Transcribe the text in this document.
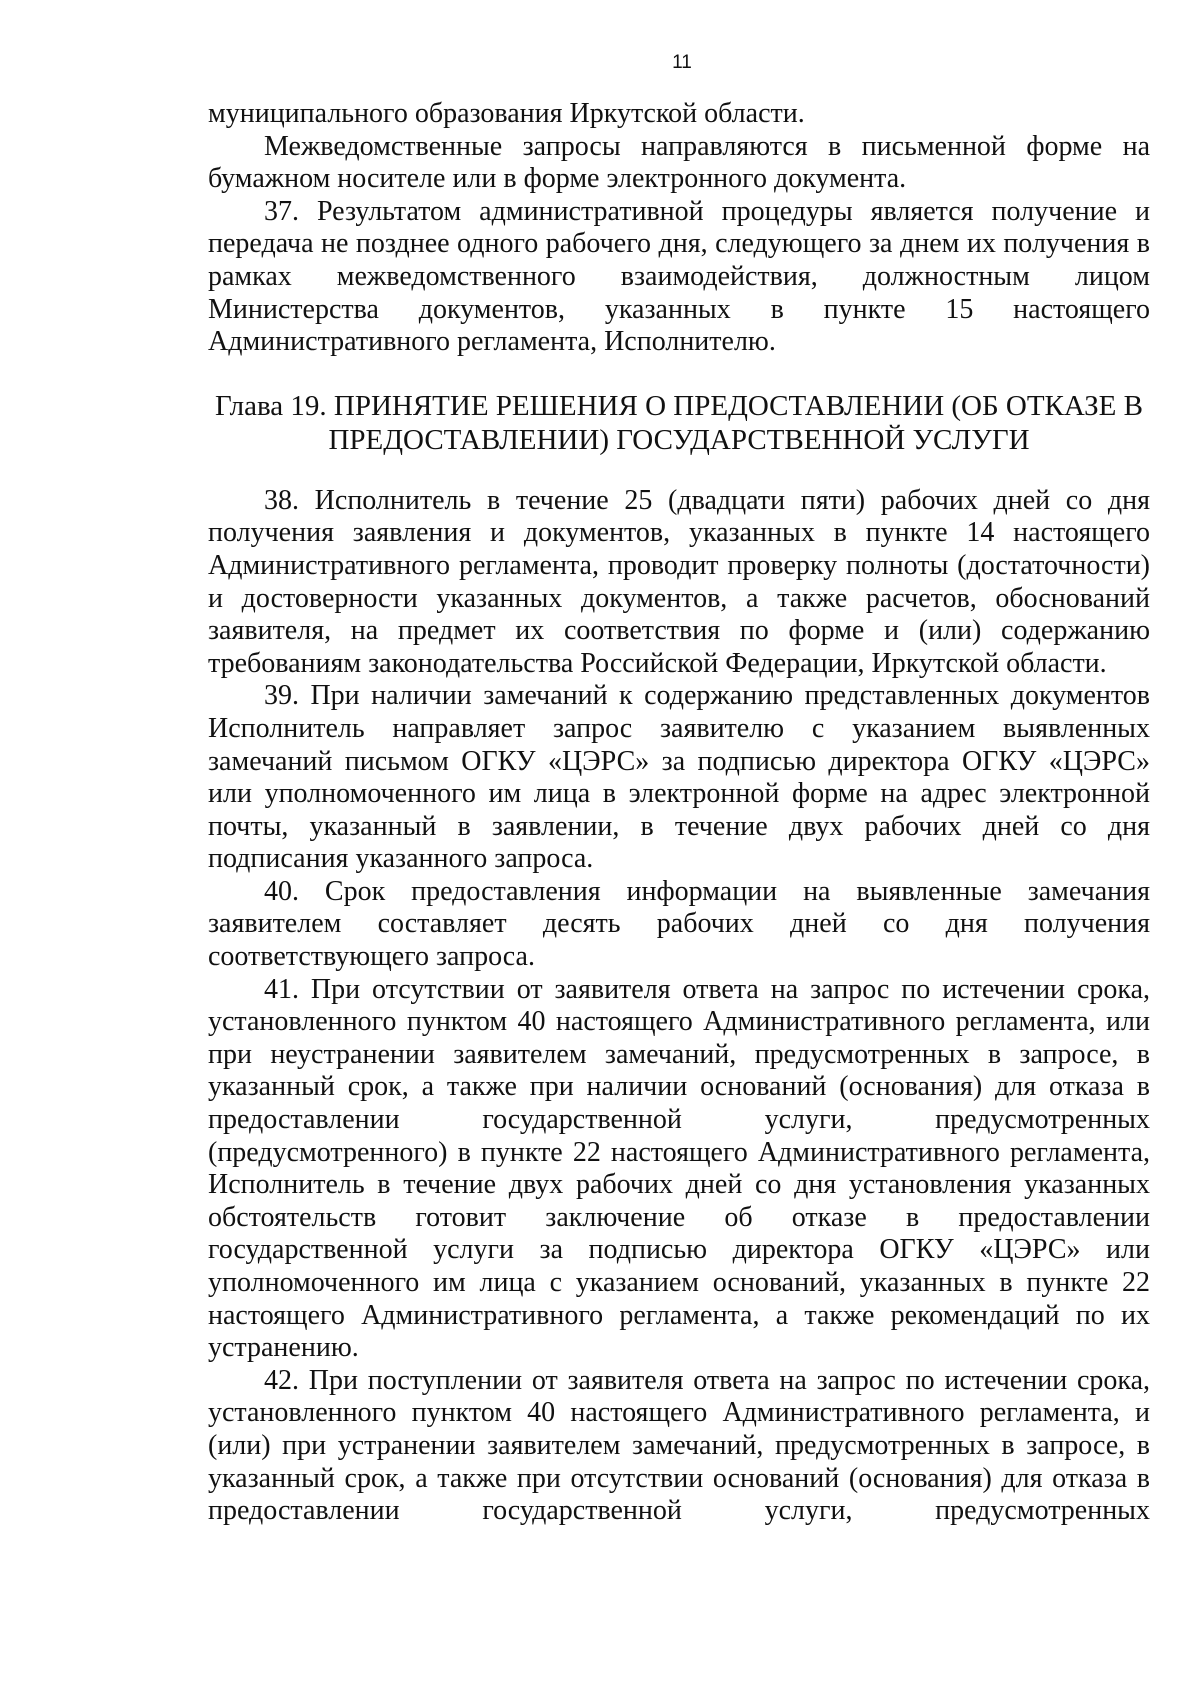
11

муниципального образования Иркутской области.

Межведомственные запросы направляются в письменной форме на бумажном носителе или в форме электронного документа.

37. Результатом административной процедуры является получение и передача не позднее одного рабочего дня, следующего за днем их получения в рамках межведомственного взаимодействия, должностным лицом Министерства документов, указанных в пункте 15 настоящего Административного регламента, Исполнителю.

Глава 19. ПРИНЯТИЕ РЕШЕНИЯ О ПРЕДОСТАВЛЕНИИ (ОБ ОТКАЗЕ В
ПРЕДОСТАВЛЕНИИ) ГОСУДАРСТВЕННОЙ УСЛУГИ

38. Исполнитель в течение 25 (двадцати пяти) рабочих дней со дня получения заявления и документов, указанных в пункте 14 настоящего Административного регламента, проводит проверку полноты (достаточности) и достоверности указанных документов, а также расчетов, обоснований заявителя, на предмет их соответствия по форме и (или) содержанию требованиям законодательства Российской Федерации, Иркутской области.

39. При наличии замечаний к содержанию представленных документов Исполнитель направляет запрос заявителю с указанием выявленных замечаний письмом ОГКУ «ЦЭРС» за подписью директора ОГКУ «ЦЭРС» или уполномоченного им лица в электронной форме на адрес электронной почты, указанный в заявлении, в течение двух рабочих дней со дня подписания указанного запроса.

40. Срок предоставления информации на выявленные замечания заявителем составляет десять рабочих дней со дня получения соответствующего запроса.

41. При отсутствии от заявителя ответа на запрос по истечении срока, установленного пунктом 40 настоящего Административного регламента, или при неустранении заявителем замечаний, предусмотренных в запросе, в указанный срок, а также при наличии оснований (основания) для отказа в предоставлении государственной услуги, предусмотренных (предусмотренного) в пункте 22 настоящего Административного регламента, Исполнитель в течение двух рабочих дней со дня установления указанных обстоятельств готовит заключение об отказе в предоставлении государственной услуги за подписью директора ОГКУ «ЦЭРС» или уполномоченного им лица с указанием оснований, указанных в пункте 22 настоящего Административного регламента, а также рекомендаций по их устранению.

42. При поступлении от заявителя ответа на запрос по истечении срока, установленного пунктом 40 настоящего Административного регламента, и (или) при устранении заявителем замечаний, предусмотренных в запросе, в указанный срок, а также при отсутствии оснований (основания) для отказа в предоставлении государственной услуги, предусмотренных
